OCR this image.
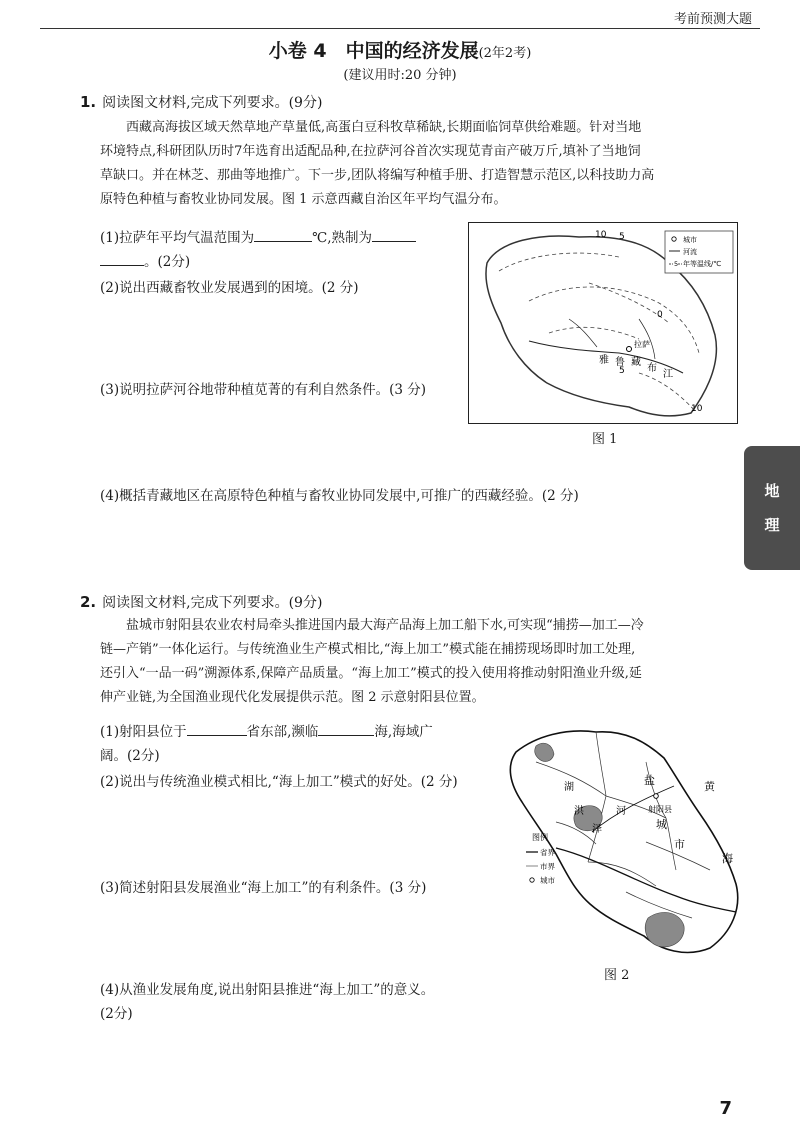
考前预测大题
小卷 4　中国的经济发展(2年2考)
(建议用时:20 分钟)
1. 阅读图文材料,完成下列要求。(9分)
西藏高海拔区域天然草地产草量低,高蛋白豆科牧草稀缺,长期面临饲草供给难题。针对当地
环境特点,科研团队历时7年选育出适配品种,在拉萨河谷首次实现苋青亩产破万斤,填补了当地饲
草缺口。并在林芝、那曲等地推广。下一步,团队将编写种植手册、打造智慧示范区,以科技助力高
原特色种植与畜牧业协同发展。图 1 示意西藏自治区年平均气温分布。
(1)拉萨年平均气温范围为	℃,熟制为
。(2分)
(2)说出西藏畜牧业发展遇到的困境。(2 分)
(3)说明拉萨河谷地带种植苋菁的有利自然条件。(3 分)
(4)概括青藏地区在高原特色种植与畜牧业协同发展中,可推广的西藏经验。(2 分)
10 5
0
5
10
雅 鲁 藏
布
江
拉萨
城市
河流
5 年等温线/℃
图 1
地
理
2. 阅读图文材料,完成下列要求。(9分)
盐城市射阳县农业农村局牵头推进国内最大海产品海上加工船下水,可实现“捕捞—加工—冷
链—产销”一体化运行。与传统渔业生产模式相比,“海上加工”模式能在捕捞现场即时加工处理,
还引入“一品一码”溯源体系,保障产品质量。“海上加工”模式的投入使用将推动射阳渔业升级,延
伸产业链,为全国渔业现代化发展提供示范。图 2 示意射阳县位置。
(1)射阳县位于	省东部,濒临	海,海域广
阔。(2分)
(2)说出与传统渔业模式相比,“海上加工”模式的好处。(2 分)
(3)简述射阳县发展渔业“海上加工”的有利条件。(3 分)
(4)从渔业发展角度,说出射阳县推进“海上加工”的意义。
(2分)
洪
泽
盐
射阳县
城
市
黄
海
河
湖
图例
省界
市界
城市
图 2
7
